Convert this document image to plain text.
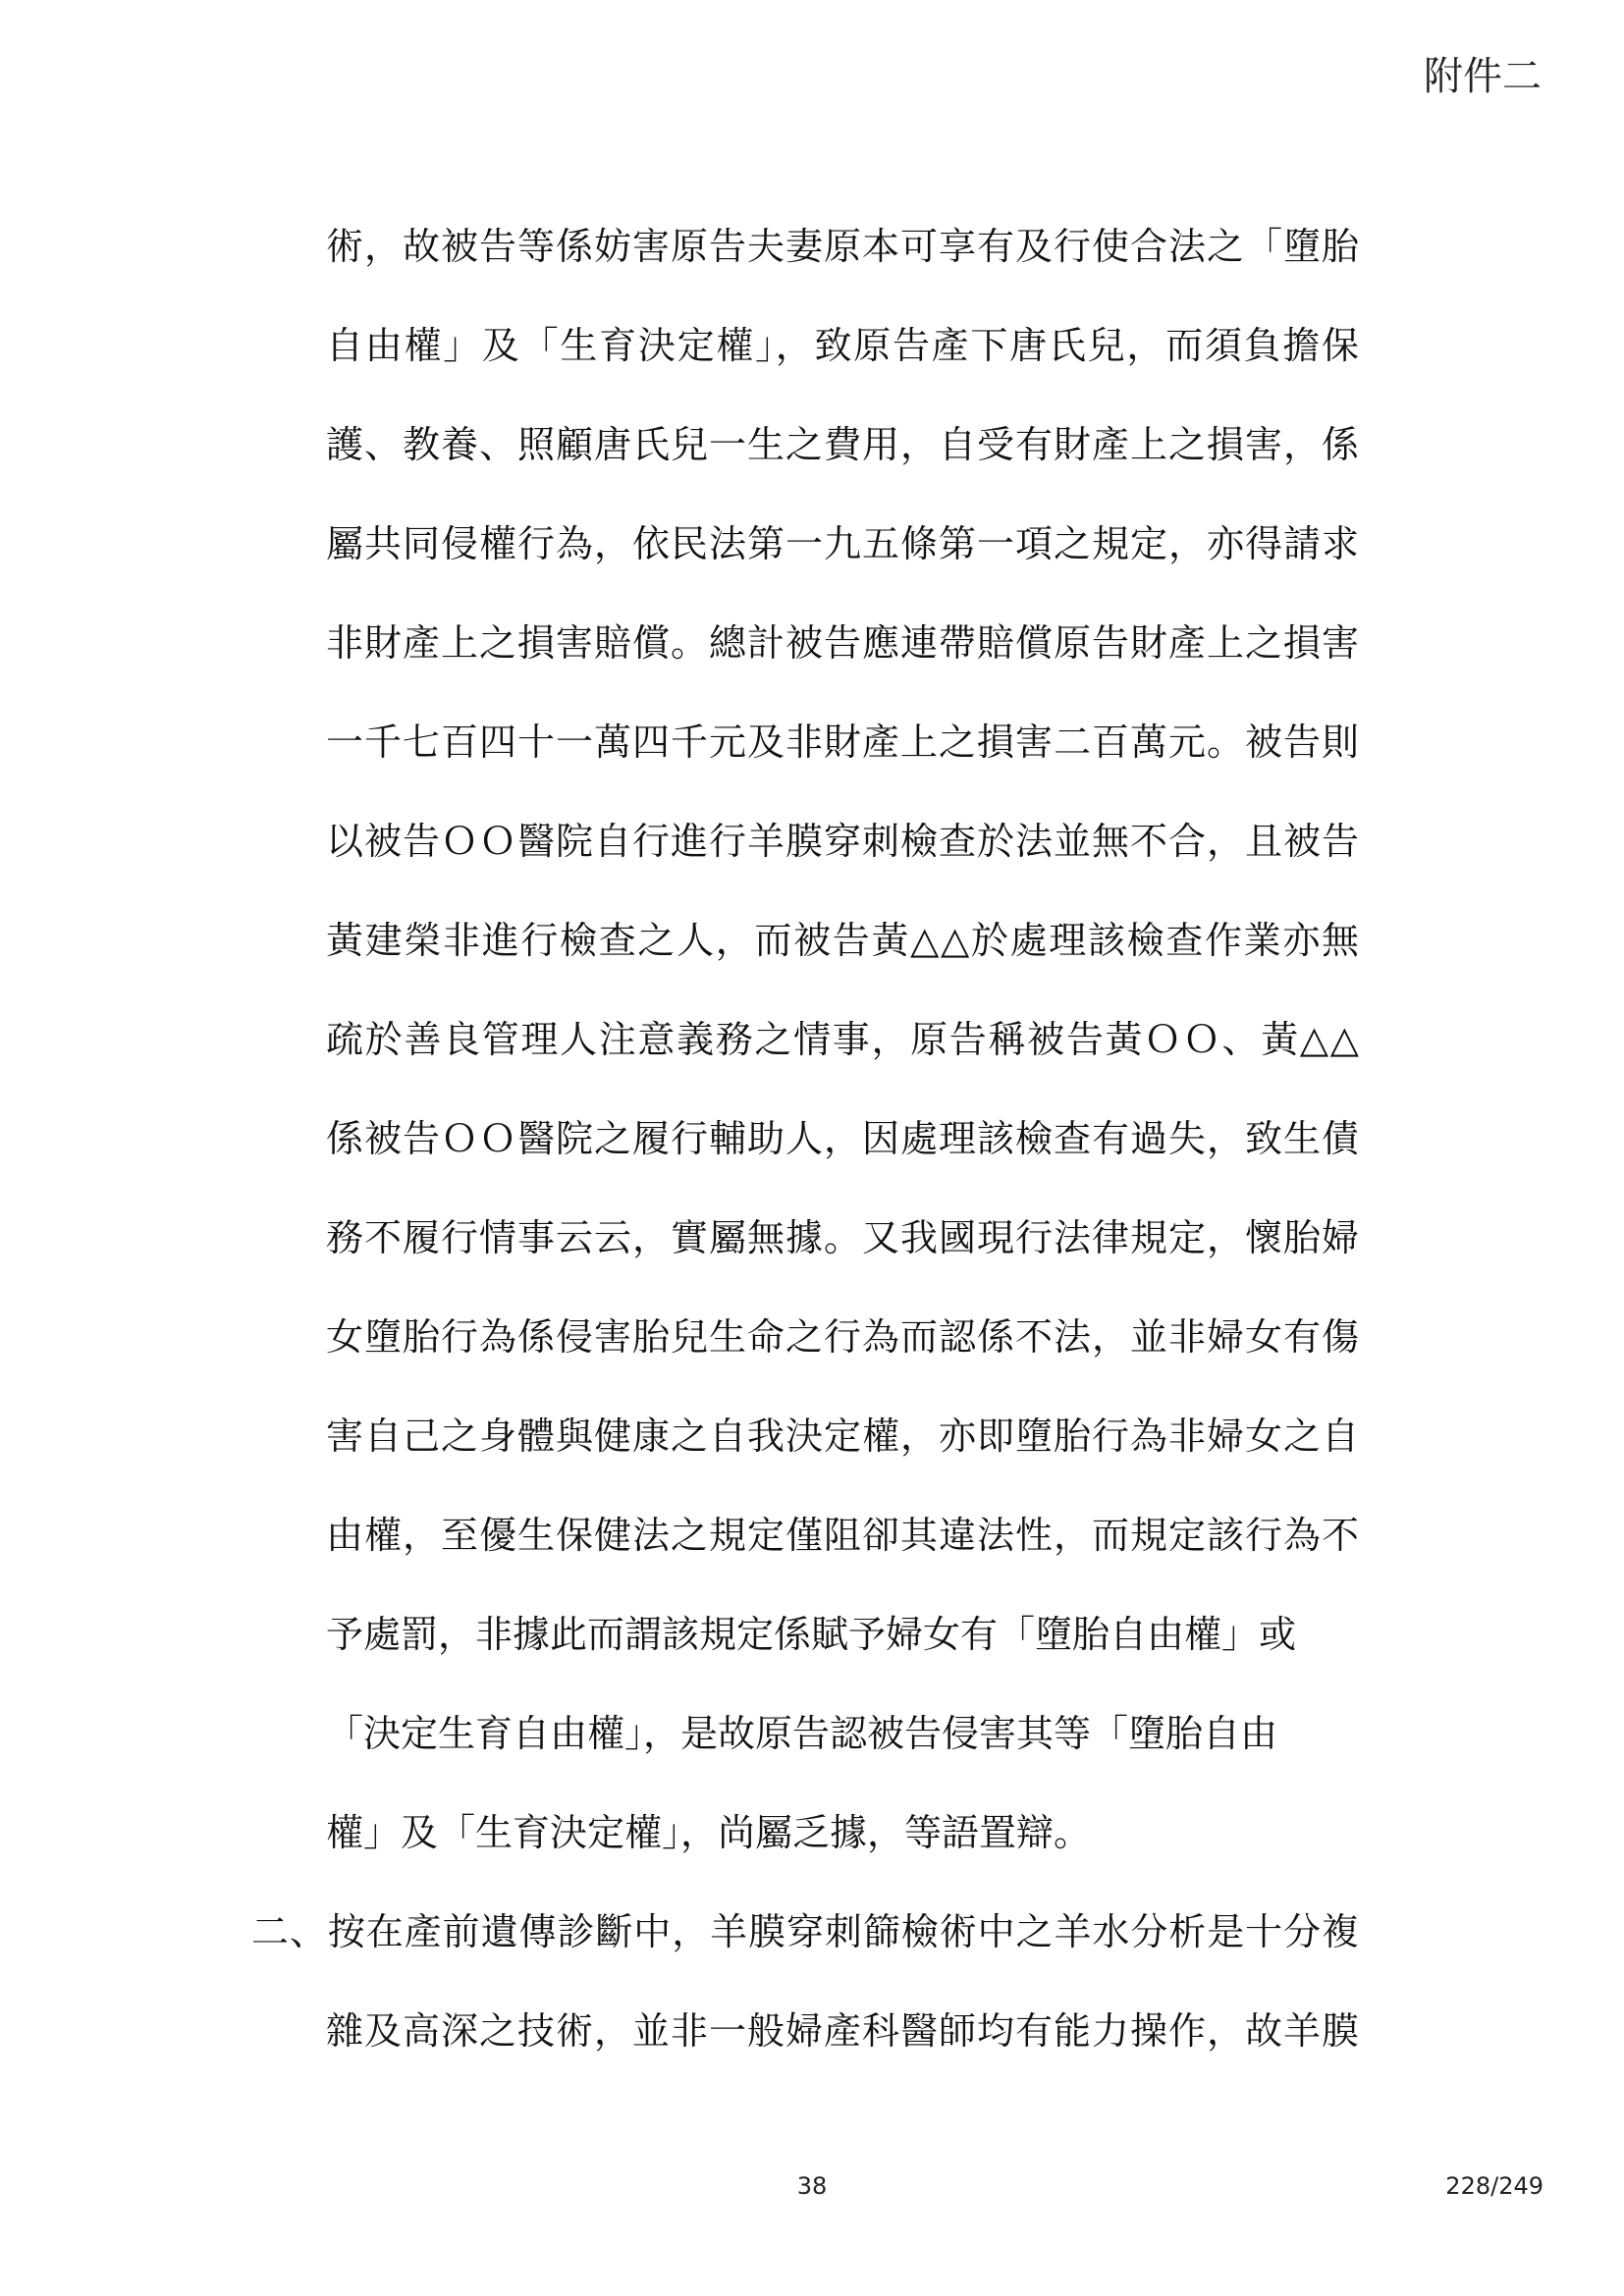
附件二
術，故被告等係妨害原告夫妻原本可享有及行使合法之「墮胎
自由權」及「生育決定權」，致原告產下唐氏兒，而須負擔保
護、教養、照顧唐氏兒一生之費用，自受有財產上之損害，係
屬共同侵權行為，依民法第一九五條第一項之規定，亦得請求
非財產上之損害賠償。總計被告應連帶賠償原告財產上之損害
一千七百四十一萬四千元及非財產上之損害二百萬元。被告則
以被告ＯＯ醫院自行進行羊膜穿刺檢查於法並無不合，且被告
黃建榮非進行檢查之人，而被告黃△△於處理該檢查作業亦無
疏於善良管理人注意義務之情事，原告稱被告黃ＯＯ、黃△△
係被告ＯＯ醫院之履行輔助人，因處理該檢查有過失，致生債
務不履行情事云云，實屬無據。又我國現行法律規定，懷胎婦
女墮胎行為係侵害胎兒生命之行為而認係不法，並非婦女有傷
害自己之身體與健康之自我決定權，亦即墮胎行為非婦女之自
由權，至優生保健法之規定僅阻卻其違法性，而規定該行為不
予處罰，非據此而謂該規定係賦予婦女有「墮胎自由權」或
「決定生育自由權」，是故原告認被告侵害其等「墮胎自由
權」及「生育決定權」，尚屬乏據，等語置辯。
二、按在產前遺傳診斷中，羊膜穿刺篩檢術中之羊水分析是十分複
雜及高深之技術，並非一般婦產科醫師均有能力操作，故羊膜
38	228/249
